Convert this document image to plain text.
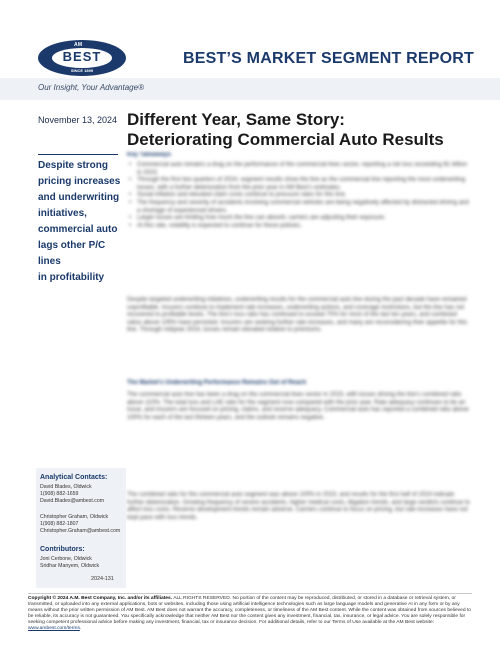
AM
BEST
SINCE 1899
BEST’S MARKET SEGMENT REPORT
Our Insight, Your Advantage®
November 13, 2024 Different Year, Same Story:
Deteriorating Commercial Auto Results
Despite strong
pricing increases
and underwriting
initiatives,
commercial auto
lags other P/C lines
in profitability
Key Takeaways
• Commercial auto remains a drag on the performance of the commercial lines sector, reporting a net loss exceeding $1 billion in 2023.
• Through the first two quarters of 2024, segment results show the line as the commercial line reporting the most underwriting losses, with a further deterioration from the prior year in AM Best’s estimates.
• Social inflation and elevated claim costs continue to pressure rates for this line.
• The frequency and severity of accidents involving commercial vehicles are being negatively affected by distracted driving and a shortage of experienced drivers.
• Larger losses are limiting how much the line can absorb; carriers are adjusting their exposure.
• At this rate, volatility is expected to continue for these policies.
Despite targeted underwriting initiatives, underwriting results for the commercial auto line during the past decade have remained unprofitable. Insurers continue to implement rate increases, underwriting actions, and coverage restrictions, but the line has not recovered to profitable levels. The line’s loss ratio has continued to exceed 70% for most of the last ten years, and combined ratios above 105% have persisted. Insurers are seeking further rate increases, and many are reconsidering their appetite for this line. Through midyear 2024, losses remain elevated relative to premiums.
The Market’s Underwriting Performance Remains Out of Reach
The commercial auto line has been a drag on the commercial lines sector in 2023, with losses driving the line’s combined ratio above 110%. The total loss and LAE ratio for the segment rose compared with the prior year. Rate adequacy continues to be an issue, and insurers are focused on pricing, claims, and reserve adequacy. Commercial auto has reported a combined ratio above 100% for each of the last thirteen years, and the outlook remains negative.
The combined ratio for the commercial auto segment was above 100% in 2023, and results for the first half of 2024 indicate further deterioration. Growing frequency of severe accidents, higher medical costs, litigation trends, and large verdicts continue to affect loss costs. Reserve development trends remain adverse. Carriers continue to focus on pricing, but rate increases have not kept pace with loss trends.
Analytical Contacts:
David Blades, Oldwick
1(908) 882-1659
David.Blades@ambest.com
Christopher Graham, Oldwick
1(908) 882-1807
Christopher.Graham@ambest.com
Contributors:
Joni Cerbone, Oldwick
Sridhar Manyem, Oldwick
2024-131
Copyright © 2024 A.M. Best Company, Inc. and/or its affiliates. ALL RIGHTS RESERVED. No portion of the content may be reproduced, distributed, or stored in a database or retrieval system, or transmitted, or uploaded into any external applications, bots or websites, including those using artificial intelligence technologies such as large language models and generative AI in any form or by any means without the prior written permission of AM Best. AM Best does not warrant the accuracy, completeness, or timeliness of the AM Best content. While the content was obtained from sources believed to be reliable, its accuracy is not guaranteed. You specifically acknowledge that neither AM Best nor the content gives any investment, financial, tax, insurance, or legal advice. You are solely responsible for seeking competent professional advice before making any investment, financial, tax or insurance decision. For additional details, refer to our Terms of Use available at the AM Best website: www.ambest.com/terms.
